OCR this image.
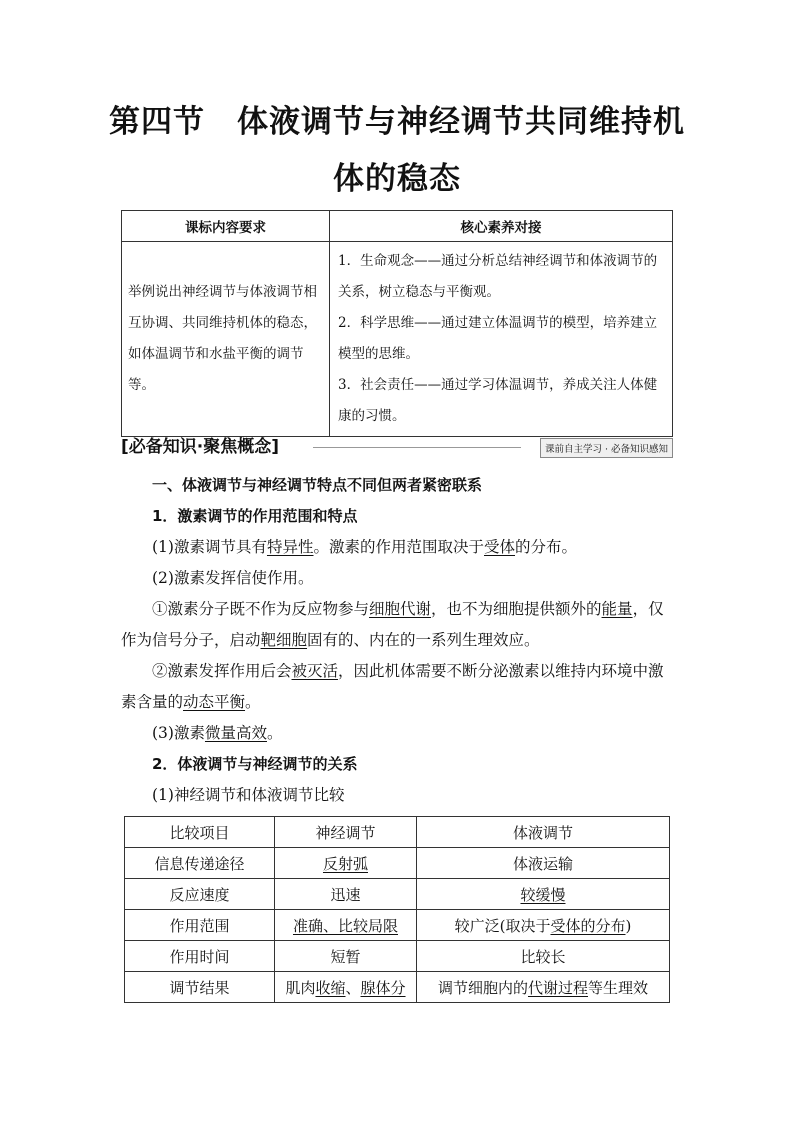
第四节　体液调节与神经调节共同维持机
体的稳态
课标内容要求	核心素养对接
举例说出神经调节与体液调节相互协调、共同维持机体的稳态，如体温调节和水盐平衡的调节等。	1．生命观念——通过分析总结神经调节和体液调节的关系，树立稳态与平衡观。
2．科学思维——通过建立体温调节的模型，培养建立模型的思维。
3．社会责任——通过学习体温调节，养成关注人体健康的习惯。
[必备知识·聚焦概念]	课前自主学习 · 必备知识感知

一、体液调节与神经调节特点不同但两者紧密联系

1．激素调节的作用范围和特点

(1)激素调节具有特异性。激素的作用范围取决于受体的分布。

(2)激素发挥信使作用。

①激素分子既不作为反应物参与细胞代谢，也不为细胞提供额外的能量，仅作为信号分子，启动靶细胞固有的、内在的一系列生理效应。

②激素发挥作用后会被灭活，因此机体需要不断分泌激素以维持内环境中激素含量的动态平衡。

(3)激素微量高效。

2．体液调节与神经调节的关系

(1)神经调节和体液调节比较

比较项目	神经调节	体液调节
信息传递途径	反射弧	体液运输
反应速度	迅速	较缓慢
作用范围	准确、比较局限	较广泛(取决于受体的分布)
作用时间	短暂	比较长
调节结果	肌肉收缩、腺体分	调节细胞内的代谢过程等生理效
